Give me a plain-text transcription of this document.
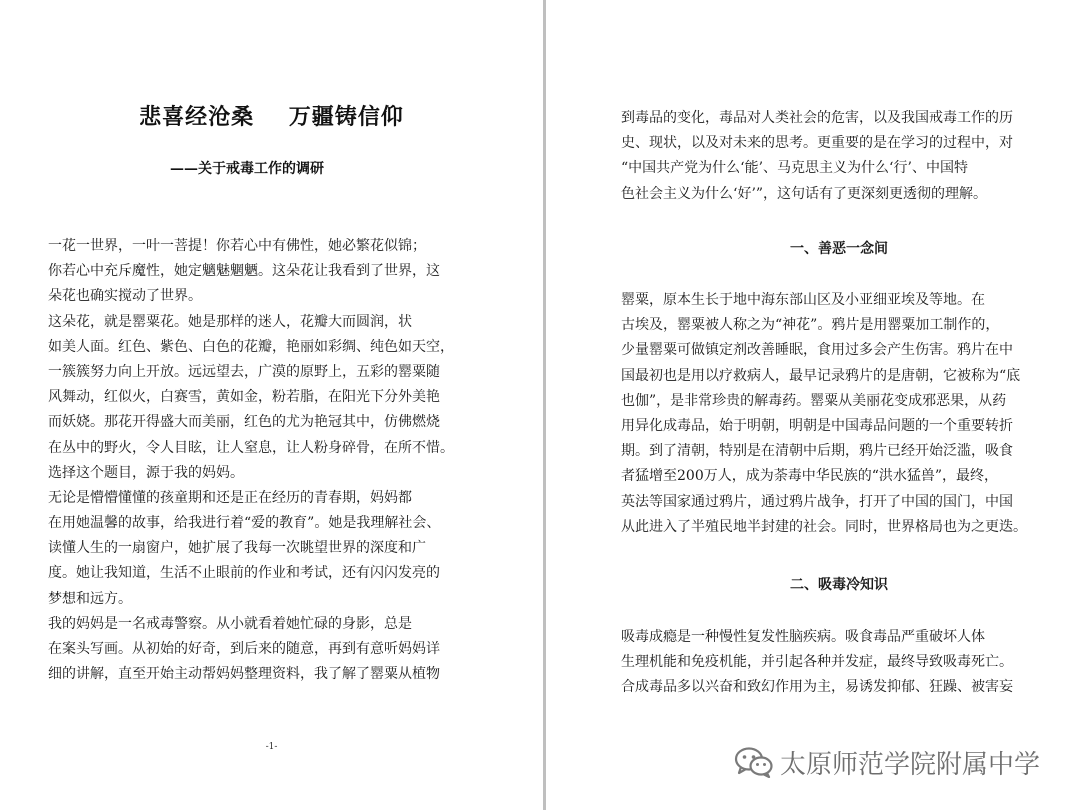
悲喜经沧桑    万疆铸信仰
——关于戒毒工作的调研
一花一世界，一叶一菩提！你若心中有佛性，她必繁花似锦；
你若心中充斥魔性，她定魑魅魍魉。这朵花让我看到了世界，这
朵花也确实搅动了世界。
这朵花，就是罂粟花。她是那样的迷人，花瓣大而圆润，状
如美人面。红色、紫色、白色的花瓣，艳丽如彩绸、纯色如天空，
一簇簇努力向上开放。远远望去，广漠的原野上，五彩的罂粟随
风舞动，红似火，白赛雪，黄如金，粉若脂，在阳光下分外美艳
而妖娆。那花开得盛大而美丽，红色的尤为艳冠其中，仿佛燃烧
在丛中的野火，令人目眩，让人窒息，让人粉身碎骨，在所不惜。
选择这个题目，源于我的妈妈。
无论是懵懵懂懂的孩童期和还是正在经历的青春期，妈妈都
在用她温馨的故事，给我进行着“爱的教育”。她是我理解社会、
读懂人生的一扇窗户，她扩展了我每一次眺望世界的深度和广
度。她让我知道，生活不止眼前的作业和考试，还有闪闪发亮的
梦想和远方。
我的妈妈是一名戒毒警察。从小就看着她忙碌的身影，总是
在案头写画。从初始的好奇，到后来的随意，再到有意听妈妈详
细的讲解，直至开始主动帮妈妈整理资料，我了解了罂粟从植物
-1-
到毒品的变化，毒品对人类社会的危害，以及我国戒毒工作的历
史、现状，以及对未来的思考。更重要的是在学习的过程中，对
“中国共产党为什么‘能’、马克思主义为什么‘行’、中国特
色社会主义为什么‘好’”，这句话有了更深刻更透彻的理解。
一、善恶一念间
罂粟，原本生长于地中海东部山区及小亚细亚埃及等地。在
古埃及，罂粟被人称之为“神花”。鸦片是用罂粟加工制作的，
少量罂粟可做镇定剂改善睡眠，食用过多会产生伤害。鸦片在中
国最初也是用以疗救病人，最早记录鸦片的是唐朝，它被称为“底
也伽”，是非常珍贵的解毒药。罂粟从美丽花变成邪恶果，从药
用异化成毒品，始于明朝，明朝是中国毒品问题的一个重要转折
期。到了清朝，特别是在清朝中后期，鸦片已经开始泛滥，吸食
者猛增至200万人，成为荼毒中华民族的“洪水猛兽”，最终，
英法等国家通过鸦片，通过鸦片战争，打开了中国的国门，中国
从此进入了半殖民地半封建的社会。同时，世界格局也为之更迭。
二、吸毒冷知识
吸毒成瘾是一种慢性复发性脑疾病。吸食毒品严重破坏人体
生理机能和免疫机能，并引起各种并发症，最终导致吸毒死亡。
合成毒品多以兴奋和致幻作用为主，易诱发抑郁、狂躁、被害妄
太原师范学院附属中学
